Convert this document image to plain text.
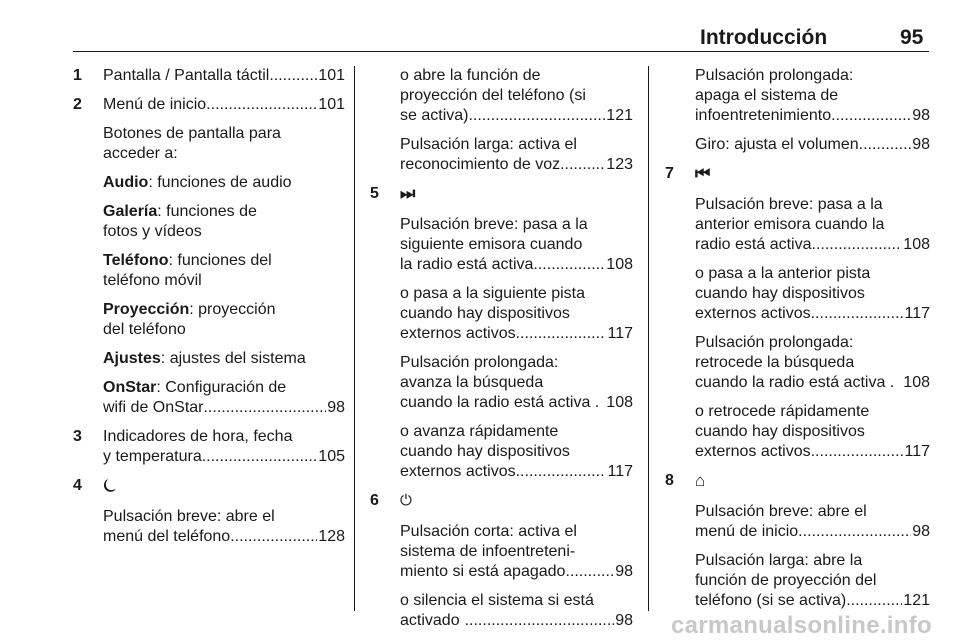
Introducción	95
1 Pantalla / Pantalla táctil .....	101
2 Menú de inicio .....	101
Botones de pantalla para
acceder a:
Audio: funciones de audio
Galería: funciones de
fotos y vídeos
Teléfono: funciones del
teléfono móvil
Proyección: proyección
del teléfono
Ajustes: ajustes del sistema
OnStar: Configuración de
wifi de OnStar .....	98
3 Indicadores de hora, fecha
y temperatura .....	105
4 ⏾
Pulsación breve: abre el
menú del teléfono .....	128
o abre la función de
proyección del teléfono (si
se activa) .....	121
Pulsación larga: activa el
reconocimiento de voz .....	123
5 ⏭
Pulsación breve: pasa a la
siguiente emisora cuando
la radio está activa .....	108
o pasa a la siguiente pista
cuando hay dispositivos
externos activos .....	117
Pulsación prolongada:
avanza la búsqueda
cuando la radio está activa . 108
o avanza rápidamente
cuando hay dispositivos
externos activos .....	117
6 ⏻
Pulsación corta: activa el
sistema de infoentreteni-
miento si está apagado .....	98
o silencia el sistema si está
activado .....	98
Pulsación prolongada:
apaga el sistema de
infoentretenimiento .....	98
Giro: ajusta el volumen .....	98
7 ⏮
Pulsación breve: pasa a la
anterior emisora cuando la
radio está activa .....	108
o pasa a la anterior pista
cuando hay dispositivos
externos activos .....	117
Pulsación prolongada:
retrocede la búsqueda
cuando la radio está activa . 108
o retrocede rápidamente
cuando hay dispositivos
externos activos .....	117
8 ⌂
Pulsación breve: abre el
menú de inicio .....	98
Pulsación larga: abre la
función de proyección del
teléfono (si se activa) .....	121
carmanualsonline.info
